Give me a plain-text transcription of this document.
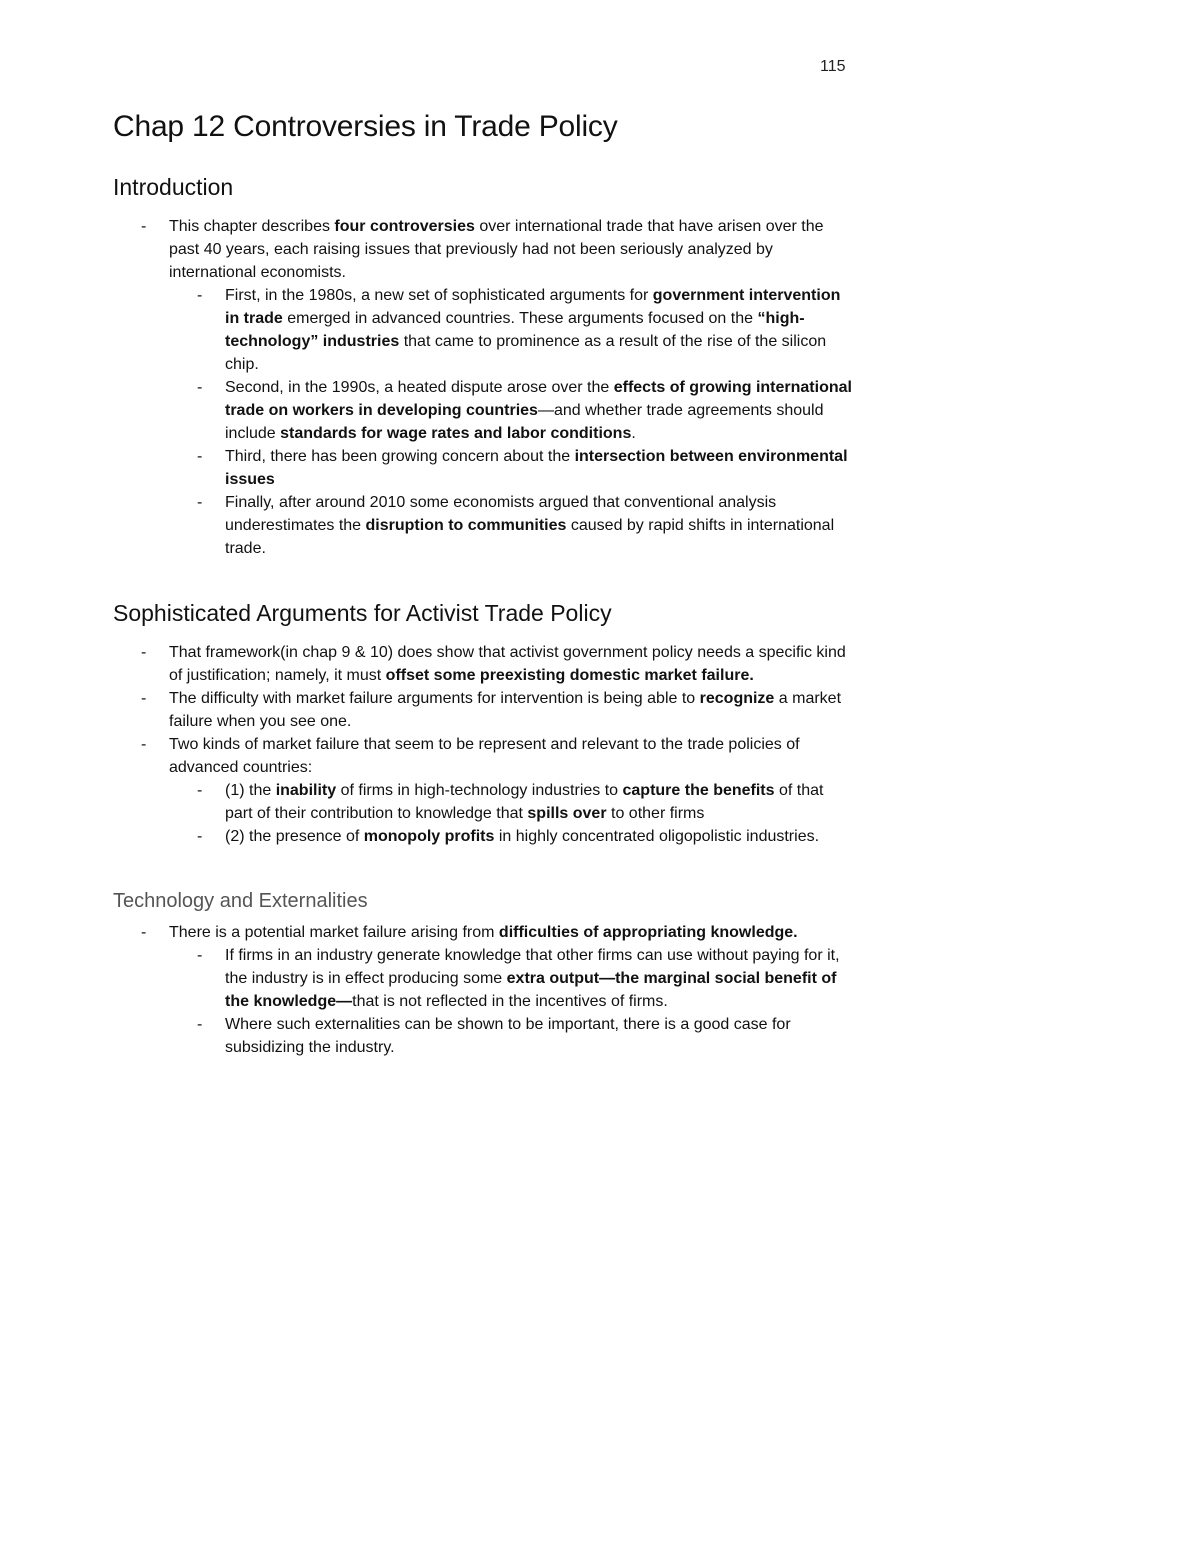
115
Chap 12 Controversies in Trade Policy
Introduction
- This chapter describes four controversies over international trade that have arisen over the past 40 years, each raising issues that previously had not been seriously analyzed by international economists.
- First, in the 1980s, a new set of sophisticated arguments for government intervention in trade emerged in advanced countries. These arguments focused on the “high-technology” industries that came to prominence as a result of the rise of the silicon chip.
- Second, in the 1990s, a heated dispute arose over the effects of growing international trade on workers in developing countries—and whether trade agreements should include standards for wage rates and labor conditions.
- Third, there has been growing concern about the intersection between environmental issues
- Finally, after around 2010 some economists argued that conventional analysis underestimates the disruption to communities caused by rapid shifts in international trade.
Sophisticated Arguments for Activist Trade Policy
- That framework(in chap 9 & 10) does show that activist government policy needs a specific kind of justification; namely, it must offset some preexisting domestic market failure.
- The difficulty with market failure arguments for intervention is being able to recognize a market failure when you see one.
- Two kinds of market failure that seem to be represent and relevant to the trade policies of advanced countries:
- (1) the inability of firms in high-technology industries to capture the benefits of that part of their contribution to knowledge that spills over to other firms
- (2) the presence of monopoly profits in highly concentrated oligopolistic industries.
Technology and Externalities
- There is a potential market failure arising from difficulties of appropriating knowledge.
- If firms in an industry generate knowledge that other firms can use without paying for it, the industry is in effect producing some extra output—the marginal social benefit of the knowledge—that is not reflected in the incentives of firms.
- Where such externalities can be shown to be important, there is a good case for subsidizing the industry.
